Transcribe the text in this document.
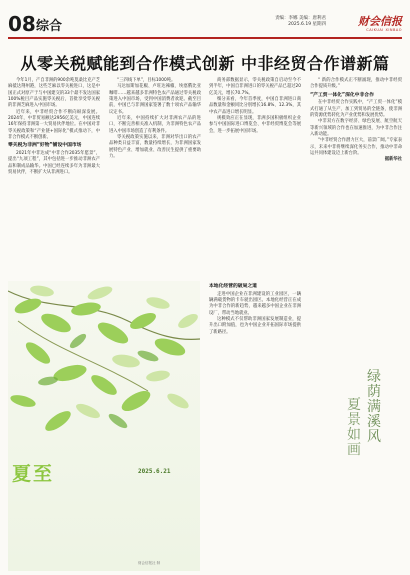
08 综合
责编：李娜 美编：唐利君
2025.6.19 星期四	财会信报
CAIKUAI XINBAO
从零关税赋能到合作模式创新 中非经贸合作谱新篇

今年1月，产自非洲的900余吨莫桑比克产芝麻抵达荆州港，这些芝麻以零关税进口，这是中国正式对原产于与中国建交的33个最不发达国家100%税目产品实施零关税后，首批享受零关税的非洲芝麻进入中国市场。

近年来，中非经贸合作不断向纵深发展。2024年，中非贸易额达2956亿美元，中国连续16年保持非洲第一大贸易伙伴地位。在中国对非零关税政策和“产业链+国际化”模式推动下，中非合作模式不断创新。

零关税为非洲“好物”铺设中国市场

2021年中非达成“中非合作2035年愿景”，提出“九项工程”，其中包括进一步推动非洲农产品和制成品输华。中国已经连续多年为非洲最大贸易伙伴，不断扩大从非洲进口。

“三四线下单”，目标1000吨。

马达加斯加花椒、卢旺达辣椒、埃塞俄比亚咖啡……越来越多非洲特色农产品通过零关税政策进入中国市场，受到中国消费者欢迎。截至目前，中国已与非洲国家签署了数十项农产品输华议定书。

近年来，中国持续扩大对非洲农产品的进口，不断完善相关准入机制，为非洲特色农产品进入中国市场创造了有利条件。

零关税政策实施以来，非洲对华出口的农产品种类日益丰富，数量持续增长，为非洲国家发展特色产业、增加就业、改善民生提供了重要助力。

商务部数据显示，零关税政策自启动至今不到半年，中国自非洲进口的零关税产品已超过20亿美元，增长70.7%。

细分来看，今年首季度，中国自非洲进口商品数量和金额同比分别增长16.8%、12.3%，其中农产品进口增长明显。

规模效应正在显现，非洲多国积极组织企业参与中国国际进口博览会、中非经贸博览会等展会，进一步拓展中国市场。

本地化经营的破局之道

走进中国企业在非洲建设的工业园区，一辆辆满载货物的卡车驶出园区。本地化经营正在成为中非合作的新趋势，越来越多中国企业在非洲设厂，带动当地就业。

这种模式不仅帮助非洲国家发展制造业，提升出口附加值，也为中国企业开拓国际市场提供了新路径。

“ 新的合作模式正不断涌现，推动中非经贸合作提质升级。”

“产工贸一体化”深化中非合作

在中非经贸合作实践中，“产工贸一体化”模式打通了从生产、加工到贸易的全链条，使非洲的资源优势转化为产业优势和发展优势。

中非双方在数字经济、绿色发展、航空航天等新兴领域的合作也在加速推进，为中非合作注入新动能。

“中非经贸合作潜力巨大，前景广阔。”专家表示，未来中非将继续深化务实合作，推动中非命运共同体建设迈上新台阶。

据新华社

夏至	2025.6.21
财会信报社 制
绿荫满溪风
夏景如画
